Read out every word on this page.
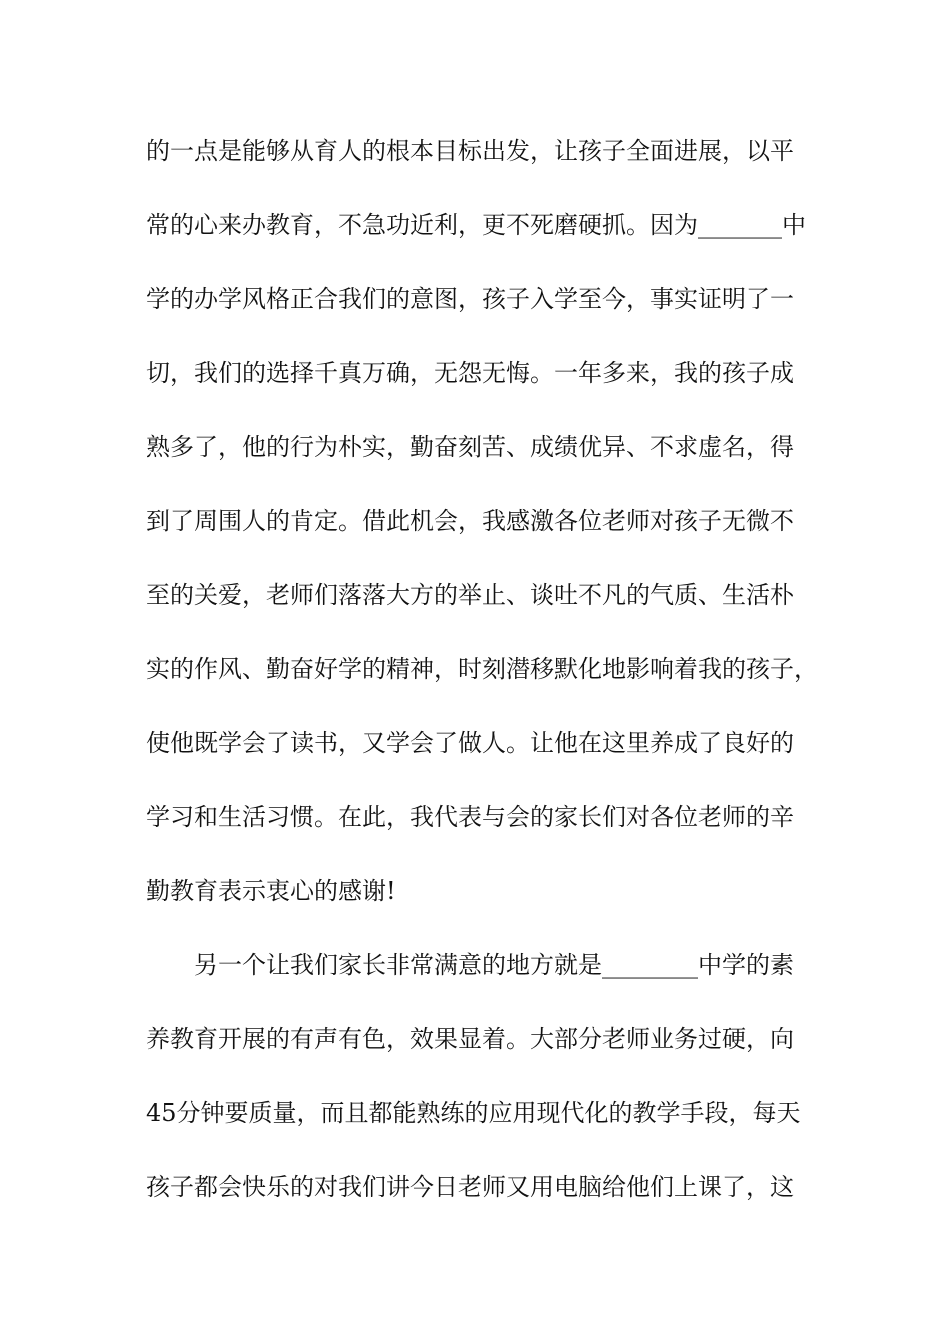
的一点是能够从育人的根本目标出发，让孩子全面进展，以平
常的心来办教育，不急功近利，更不死磨硬抓。因为_______中
学的办学风格正合我们的意图，孩子入学至今，事实证明了一
切，我们的选择千真万确，无怨无悔。一年多来，我的孩子成
熟多了，他的行为朴实，勤奋刻苦、成绩优异、不求虚名，得
到了周围人的肯定。借此机会，我感激各位老师对孩子无微不
至的关爱，老师们落落大方的举止、谈吐不凡的气质、生活朴
实的作风、勤奋好学的精神，时刻潜移默化地影响着我的孩子，
使他既学会了读书，又学会了做人。让他在这里养成了良好的
学习和生活习惯。在此，我代表与会的家长们对各位老师的辛
勤教育表示衷心的感谢!
另一个让我们家长非常满意的地方就是________中学的素
养教育开展的有声有色，效果显着。大部分老师业务过硬，向
45分钟要质量，而且都能熟练的应用现代化的教学手段，每天
孩子都会快乐的对我们讲今日老师又用电脑给他们上课了，这
